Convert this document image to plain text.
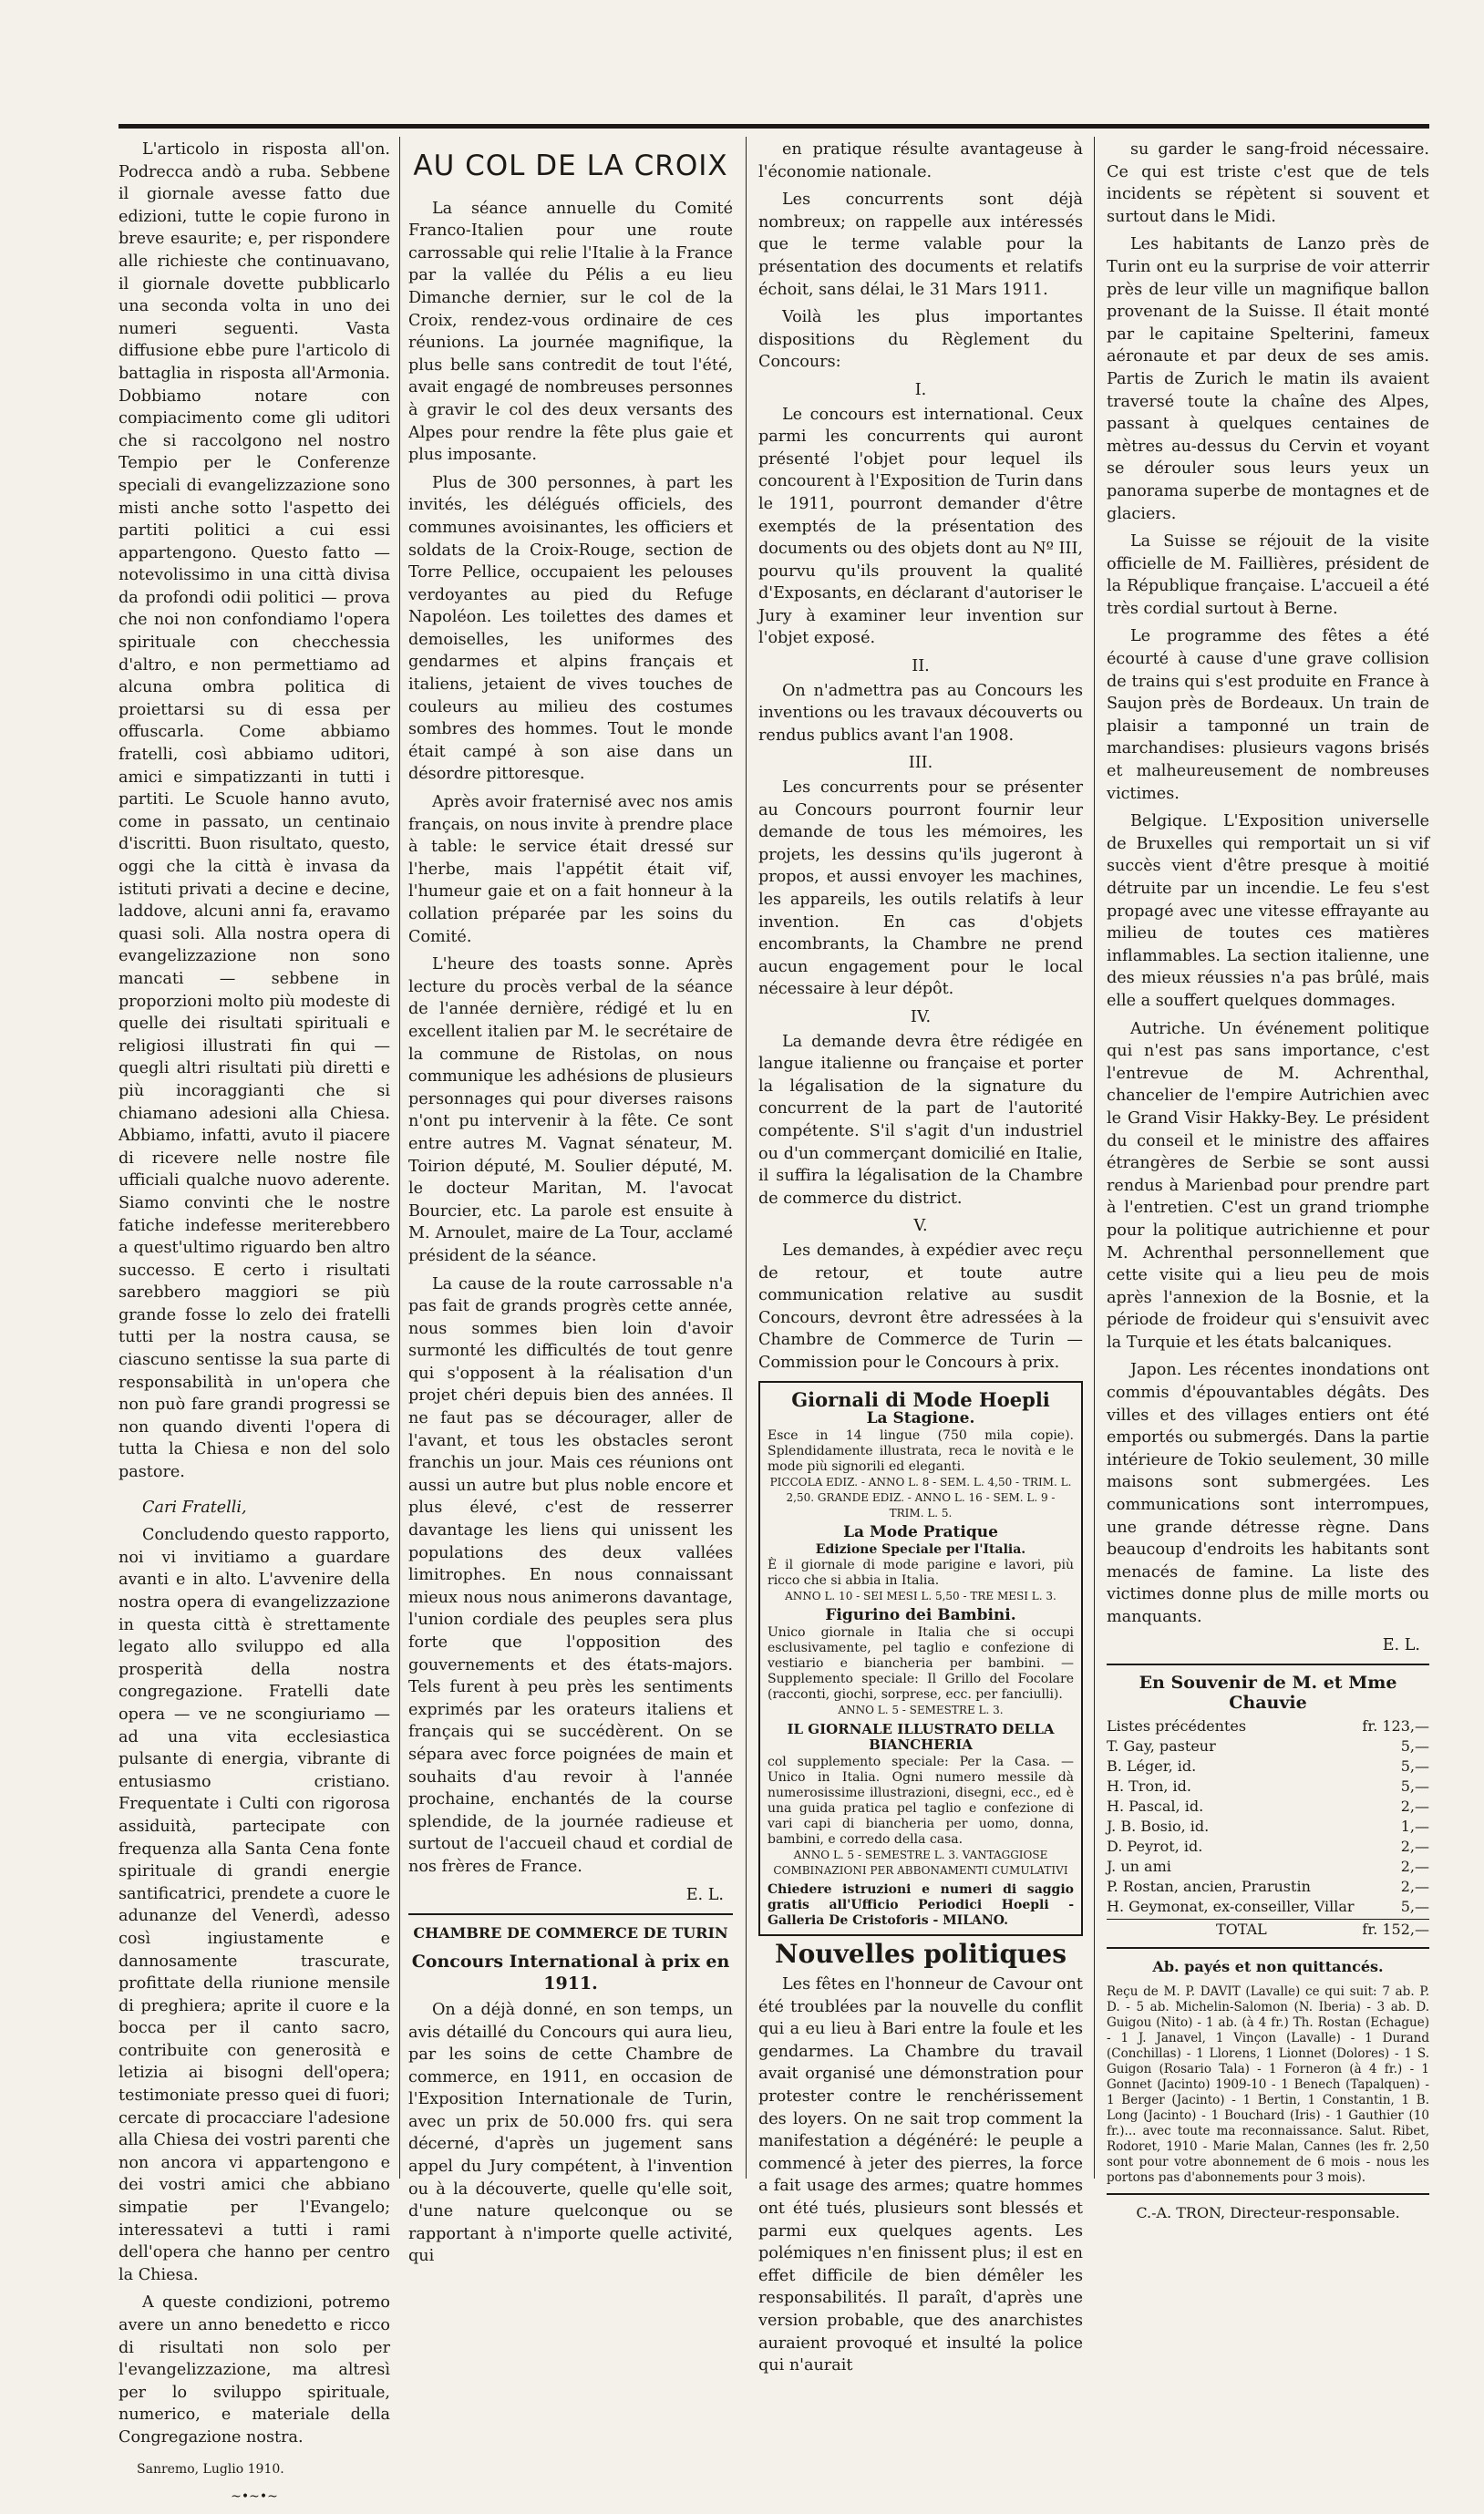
L'articolo in risposta all'on. Podrecca andò a ruba. Sebbene il giornale avesse fatto due edizioni, tutte le copie furono in breve esaurite; e, per rispondere alle richieste che continuavano, il giornale dovette pubblicarlo una seconda volta in uno dei numeri seguenti. Vasta diffusione ebbe pure l'articolo di battaglia in risposta all'Armonia. Dobbiamo notare con compiacimento come gli uditori che si raccolgono nel nostro Tempio per le Conferenze speciali di evangelizzazione sono misti anche sotto l'aspetto dei partiti politici a cui essi appartengono. Questo fatto — notevolissimo in una città divisa da profondi odii politici — prova che noi non confondiamo l'opera spirituale con checchessia d'altro, e non permettiamo ad alcuna ombra politica di proiettarsi su di essa per offuscarla. Come abbiamo fratelli, così abbiamo uditori, amici e simpatizzanti in tutti i partiti. Le Scuole hanno avuto, come in passato, un centinaio d'iscritti. Buon risultato, questo, oggi che la città è invasa da istituti privati a decine e decine, laddove, alcuni anni fa, eravamo quasi soli. Alla nostra opera di evangelizzazione non sono mancati — sebbene in proporzioni molto più modeste di quelle dei risultati spirituali e religiosi illustrati fin qui — quegli altri risultati più diretti e più incoraggianti che si chiamano adesioni alla Chiesa. Abbiamo, infatti, avuto il piacere di ricevere nelle nostre file ufficiali qualche nuovo aderente. Siamo convinti che le nostre fatiche indefesse meriterebbero a quest'ultimo riguardo ben altro successo. E certo i risultati sarebbero maggiori se più grande fosse lo zelo dei fratelli tutti per la nostra causa, se ciascuno sentisse la sua parte di responsabilità in un'opera che non può fare grandi progressi se non quando diventi l'opera di tutta la Chiesa e non del solo pastore.

Cari Fratelli,

Concludendo questo rapporto, noi vi invitiamo a guardare avanti e in alto. L'avvenire della nostra opera di evangelizzazione in questa città è strettamente legato allo sviluppo ed alla prosperità della nostra congregazione. Fratelli date opera — ve ne scongiuriamo — ad una vita ecclesiastica pulsante di energia, vibrante di entusiasmo cristiano. Frequentate i Culti con rigorosa assiduità, partecipate con frequenza alla Santa Cena fonte spirituale di grandi energie santificatrici, prendete a cuore le adunanze del Venerdì, adesso così ingiustamente e dannosamente trascurate, profittate della riunione mensile di preghiera; aprite il cuore e la bocca per il canto sacro, contribuite con generosità e letizia ai bisogni dell'opera; testimoniate presso quei di fuori; cercate di procacciare l'adesione alla Chiesa dei vostri parenti che non ancora vi appartengono e dei vostri amici che abbiano simpatie per l'Evangelo; interessatevi a tutti i rami dell'opera che hanno per centro la Chiesa.

A queste condizioni, potremo avere un anno benedetto e ricco di risultati non solo per l'evangelizzazione, ma altresì per lo sviluppo spirituale, numerico, e materiale della Congregazione nostra.

Sanremo, Luglio 1910.
~•~•~
AU COL DE LA CROIX

La séance annuelle du Comité Franco-Italien pour une route carrossable qui relie l'Italie à la France par la vallée du Pélis a eu lieu Dimanche dernier, sur le col de la Croix, rendez-vous ordinaire de ces réunions. La journée magnifique, la plus belle sans contredit de tout l'été, avait engagé de nombreuses personnes à gravir le col des deux versants des Alpes pour rendre la fête plus gaie et plus imposante.

Plus de 300 personnes, à part les invités, les délégués officiels, des communes avoisinantes, les officiers et soldats de la Croix-Rouge, section de Torre Pellice, occupaient les pelouses verdoyantes au pied du Refuge Napoléon. Les toilettes des dames et demoiselles, les uniformes des gendarmes et alpins français et italiens, jetaient de vives touches de couleurs au milieu des costumes sombres des hommes. Tout le monde était campé à son aise dans un désordre pittoresque.

Après avoir fraternisé avec nos amis français, on nous invite à prendre place à table: le service était dressé sur l'herbe, mais l'appétit était vif, l'humeur gaie et on a fait honneur à la collation préparée par les soins du Comité.

L'heure des toasts sonne. Après lecture du procès verbal de la séance de l'année dernière, rédigé et lu en excellent italien par M. le secrétaire de la commune de Ristolas, on nous communique les adhésions de plusieurs personnages qui pour diverses raisons n'ont pu intervenir à la fête. Ce sont entre autres M. Vagnat sénateur, M. Toirion député, M. Soulier député, M. le docteur Maritan, M. l'avocat Bourcier, etc. La parole est ensuite à M. Arnoulet, maire de La Tour, acclamé président de la séance.

La cause de la route carrossable n'a pas fait de grands progrès cette année, nous sommes bien loin d'avoir surmonté les difficultés de tout genre qui s'opposent à la réalisation d'un projet chéri depuis bien des années. Il ne faut pas se décourager, aller de l'avant, et tous les obstacles seront franchis un jour. Mais ces réunions ont aussi un autre but plus noble encore et plus élevé, c'est de resserrer davantage les liens qui unissent les populations des deux vallées limitrophes. En nous connaissant mieux nous nous animerons davantage, l'union cordiale des peuples sera plus forte que l'opposition des gouvernements et des états-majors. Tels furent à peu près les sentiments exprimés par les orateurs italiens et français qui se succédèrent. On se sépara avec force poignées de main et souhaits d'au revoir à l'année prochaine, enchantés de la course splendide, de la journée radieuse et surtout de l'accueil chaud et cordial de nos frères de France.

E. L.
CHAMBRE DE COMMERCE DE TURIN
Concours International à prix en 1911.

On a déjà donné, en son temps, un avis détaillé du Concours qui aura lieu, par les soins de cette Chambre de commerce, en 1911, en occasion de l'Exposition Internationale de Turin, avec un prix de 50.000 frs. qui sera décerné, d'après un jugement sans appel du Jury compétent, à l'invention ou à la découverte, quelle qu'elle soit, d'une nature quelconque ou se rapportant à n'importe quelle activité, qui

en pratique résulte avantageuse à l'économie nationale.

Les concurrents sont déjà nombreux; on rappelle aux intéressés que le terme valable pour la présentation des documents et relatifs échoit, sans délai, le 31 Mars 1911.

Voilà les plus importantes dispositions du Règlement du Concours:

I.

Le concours est international. Ceux parmi les concurrents qui auront présenté l'objet pour lequel ils concourent à l'Exposition de Turin dans le 1911, pourront demander d'être exemptés de la présentation des documents ou des objets dont au Nº III, pourvu qu'ils prouvent la qualité d'Exposants, en déclarant d'autoriser le Jury à examiner leur invention sur l'objet exposé.

II.

On n'admettra pas au Concours les inventions ou les travaux découverts ou rendus publics avant l'an 1908.

III.

Les concurrents pour se présenter au Concours pourront fournir leur demande de tous les mémoires, les projets, les dessins qu'ils jugeront à propos, et aussi envoyer les machines, les appareils, les outils relatifs à leur invention. En cas d'objets encombrants, la Chambre ne prend aucun engagement pour le local nécessaire à leur dépôt.

IV.

La demande devra être rédigée en langue italienne ou française et porter la légalisation de la signature du concurrent de la part de l'autorité compétente. S'il s'agit d'un industriel ou d'un commerçant domicilié en Italie, il suffira la légalisation de la Chambre de commerce du district.

V.

Les demandes, à expédier avec reçu de retour, et toute autre communication relative au susdit Concours, devront être adressées à la Chambre de Commerce de Turin — Commission pour le Concours à prix.

Giornali di Mode Hoepli
La Stagione.
Esce in 14 lingue (750 mila copie). Splendidamente illustrata, reca le novità e le mode più signorili ed eleganti.
PICCOLA EDIZ. - ANNO L. 8 - SEM. L. 4,50 - TRIM. L. 2,50. GRANDE EDIZ. - ANNO L. 16 - SEM. L. 9 - TRIM. L. 5.
La Mode Pratique
Edizione Speciale per l'Italia.
È il giornale di mode parigine e lavori, più ricco che si abbia in Italia.
ANNO L. 10 - SEI MESI L. 5,50 - TRE MESI L. 3.
Figurino dei Bambini.
Unico giornale in Italia che si occupi esclusivamente, pel taglio e confezione di vestiario e biancheria per bambini. — Supplemento speciale: Il Grillo del Focolare (racconti, giochi, sorprese, ecc. per fanciulli).
ANNO L. 5 - SEMESTRE L. 3.
IL GIORNALE ILLUSTRATO DELLA BIANCHERIA
col supplemento speciale: Per la Casa. — Unico in Italia. Ogni numero messile dà numerosissime illustrazioni, disegni, ecc., ed è una guida pratica pel taglio e confezione di vari capi di biancheria per uomo, donna, bambini, e corredo della casa.
ANNO L. 5 - SEMESTRE L. 3. VANTAGGIOSE COMBINAZIONI PER ABBONAMENTI CUMULATIVI
Chiedere istruzioni e numeri di saggio gratis all'Ufficio Periodici Hoepli - Galleria De Cristoforis - MILANO.
Nouvelles politiques

Les fêtes en l'honneur de Cavour ont été troublées par la nouvelle du conflit qui a eu lieu à Bari entre la foule et les gendarmes. La Chambre du travail avait organisé une démonstration pour protester contre le renchérissement des loyers. On ne sait trop comment la manifestation a dégénéré: le peuple a commencé à jeter des pierres, la force a fait usage des armes; quatre hommes ont été tués, plusieurs sont blessés et parmi eux quelques agents. Les polémiques n'en finissent plus; il est en effet difficile de bien démêler les responsabilités. Il paraît, d'après une version probable, que des anarchistes auraient provoqué et insulté la police qui n'aurait

su garder le sang-froid nécessaire. Ce qui est triste c'est que de tels incidents se répètent si souvent et surtout dans le Midi.

Les habitants de Lanzo près de Turin ont eu la surprise de voir atterrir près de leur ville un magnifique ballon provenant de la Suisse. Il était monté par le capitaine Spelterini, fameux aéronaute et par deux de ses amis. Partis de Zurich le matin ils avaient traversé toute la chaîne des Alpes, passant à quelques centaines de mètres au-dessus du Cervin et voyant se dérouler sous leurs yeux un panorama superbe de montagnes et de glaciers.

La Suisse se réjouit de la visite officielle de M. Faillières, président de la République française. L'accueil a été très cordial surtout à Berne.

Le programme des fêtes a été écourté à cause d'une grave collision de trains qui s'est produite en France à Saujon près de Bordeaux. Un train de plaisir a tamponné un train de marchandises: plusieurs vagons brisés et malheureusement de nombreuses victimes.

Belgique. L'Exposition universelle de Bruxelles qui remportait un si vif succès vient d'être presque à moitié détruite par un incendie. Le feu s'est propagé avec une vitesse effrayante au milieu de toutes ces matières inflammables. La section italienne, une des mieux réussies n'a pas brûlé, mais elle a souffert quelques dommages.

Autriche. Un événement politique qui n'est pas sans importance, c'est l'entrevue de M. Achrenthal, chancelier de l'empire Autrichien avec le Grand Visir Hakky-Bey. Le président du conseil et le ministre des affaires étrangères de Serbie se sont aussi rendus à Marienbad pour prendre part à l'entretien. C'est un grand triomphe pour la politique autrichienne et pour M. Achrenthal personnellement que cette visite qui a lieu peu de mois après l'annexion de la Bosnie, et la période de froideur qui s'ensuivit avec la Turquie et les états balcaniques.

Japon. Les récentes inondations ont commis d'épouvantables dégâts. Des villes et des villages entiers ont été emportés ou submergés. Dans la partie intérieure de Tokio seulement, 30 mille maisons sont submergées. Les communications sont interrompues, une grande détresse règne. Dans beaucoup d'endroits les habitants sont menacés de famine. La liste des victimes donne plus de mille morts ou manquants.

E. L.
En Souvenir de M. et Mme Chauvie
Listes précédentes	fr. 123,—
T. Gay, pasteur	5,—
B. Léger, id.	5,—
H. Tron, id.	5,—
H. Pascal, id.	2,—
J. B. Bosio, id.	1,—
D. Peyrot, id.	2,—
J. un ami	2,—
P. Rostan, ancien, Prarustin	2,—
H. Geymonat, ex-conseiller, Villar	5,—
TOTAL	fr. 152,—
Ab. payés et non quittancés.
Reçu de M. P. DAVIT (Lavalle) ce qui suit: 7 ab. P. D. - 5 ab. Michelin-Salomon (N. Iberia) - 3 ab. D. Guigou (Nito) - 1 ab. (à 4 fr.) Th. Rostan (Echague) - 1 J. Janavel, 1 Vinçon (Lavalle) - 1 Durand (Conchillas) - 1 Llorens, 1 Lionnet (Dolores) - 1 S. Guigon (Rosario Tala) - 1 Forneron (à 4 fr.) - 1 Gonnet (Jacinto) 1909-10 - 1 Benech (Tapalquen) - 1 Berger (Jacinto) - 1 Bertin, 1 Constantin, 1 B. Long (Jacinto) - 1 Bouchard (Iris) - 1 Gauthier (10 fr.)... avec toute ma reconnaissance. Salut. Ribet, Rodoret, 1910 - Marie Malan, Cannes (les fr. 2,50 sont pour votre abonnement de 6 mois - nous les portons pas d'abonnements pour 3 mois).
C.-A. TRON, Directeur-responsable.
